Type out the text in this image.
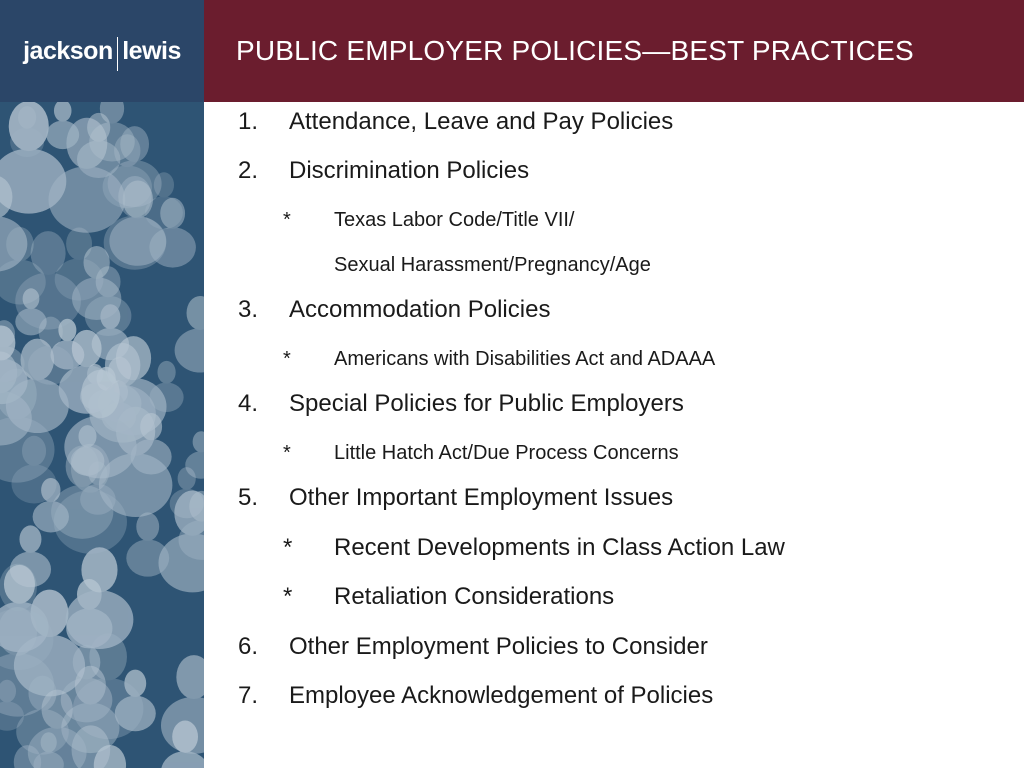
jackson lewis PUBLIC EMPLOYER POLICIES—BEST PRACTICES
1. Attendance, Leave and Pay Policies
2. Discrimination Policies
* Texas Labor Code/Title VII/
Sexual Harassment/Pregnancy/Age
3. Accommodation Policies
* Americans with Disabilities Act and ADAAA
4. Special Policies for Public Employers
* Little Hatch Act/Due Process Concerns
5. Other Important Employment Issues
* Recent Developments in Class Action Law
* Retaliation Considerations
6. Other Employment Policies to Consider
7. Employee Acknowledgement of Policies
